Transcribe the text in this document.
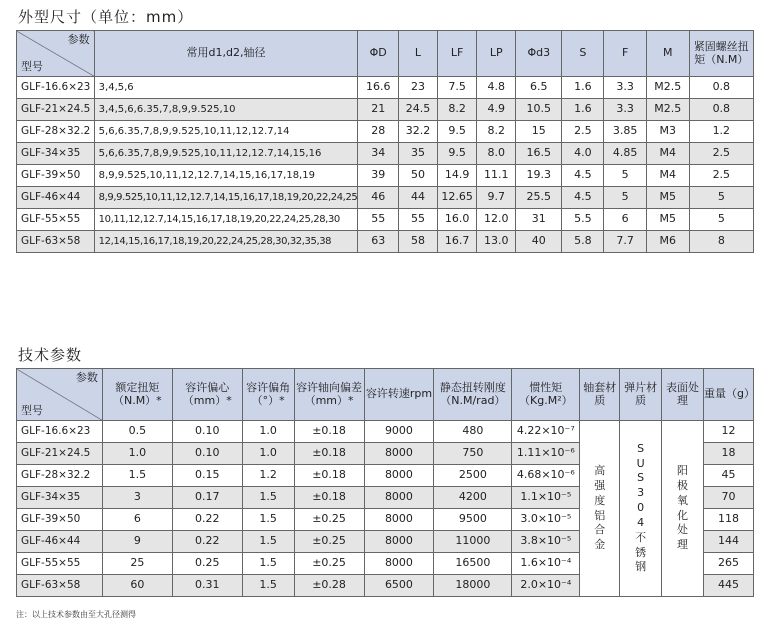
外型尺寸（单位：mm）
参数
型号	常用d1,d2,轴径	ΦD	L	LF	LP	Φd3	S	F	M	紧固螺丝扭矩（N.M）
GLF-16.6×23	3,4,5,6	16.6	23	7.5	4.8	6.5	1.6	3.3	M2.5	0.8
GLF-21×24.5	3,4,5,6,6.35,7,8,9,9.525,10	21	24.5	8.2	4.9	10.5	1.6	3.3	M2.5	0.8
GLF-28×32.2	5,6,6.35,7,8,9,9.525,10,11,12,12.7,14	28	32.2	9.5	8.2	15	2.5	3.85	M3	1.2
GLF-34×35	5,6,6.35,7,8,9,9.525,10,11,12,12.7,14,15,16	34	35	9.5	8.0	16.5	4.0	4.85	M4	2.5
GLF-39×50	8,9,9.525,10,11,12,12.7,14,15,16,17,18,19	39	50	14.9	11.1	19.3	4.5	5	M4	2.5
GLF-46×44	8,9,9.525,10,11,12,12.7,14,15,16,17,18,19,20,22,24,25	46	44	12.65	9.7	25.5	4.5	5	M5	5
GLF-55×55	10,11,12,12.7,14,15,16,17,18,19,20,22,24,25,28,30	55	55	16.0	12.0	31	5.5	6	M5	5
GLF-63×58	12,14,15,16,17,18,19,20,22,24,25,28,30,32,35,38	63	58	16.7	13.0	40	5.8	7.7	M6	8
技术参数
参数
型号	额定扭矩（N.M）*	容许偏心（mm）*	容许偏角（°）*	容许轴向偏差（mm）*	容许转速rpm	静态扭转刚度（N.M/rad）	惯性矩（Kg.M²）	轴套材质	弹片材质	表面处理	重量（g）
GLF-16.6×23	0.5	0.10	1.0	±0.18	9000	480	4.22×10⁻⁷	高强度铝合金	SUS304不锈钢	阳极氧化处理	12
GLF-21×24.5	1.0	0.10	1.0	±0.18	8000	750	1.11×10⁻⁶				18
GLF-28×32.2	1.5	0.15	1.2	±0.18	8000	2500	4.68×10⁻⁶				45
GLF-34×35	3	0.17	1.5	±0.18	8000	4200	1.1×10⁻⁵				70
GLF-39×50	6	0.22	1.5	±0.25	8000	9500	3.0×10⁻⁵				118
GLF-46×44	9	0.22	1.5	±0.25	8000	11000	3.8×10⁻⁵				144
GLF-55×55	25	0.25	1.5	±0.25	8000	16500	1.6×10⁻⁴				265
GLF-63×58	60	0.31	1.5	±0.28	6500	18000	2.0×10⁻⁴				445
注：以上技术参数由至大孔径测得
